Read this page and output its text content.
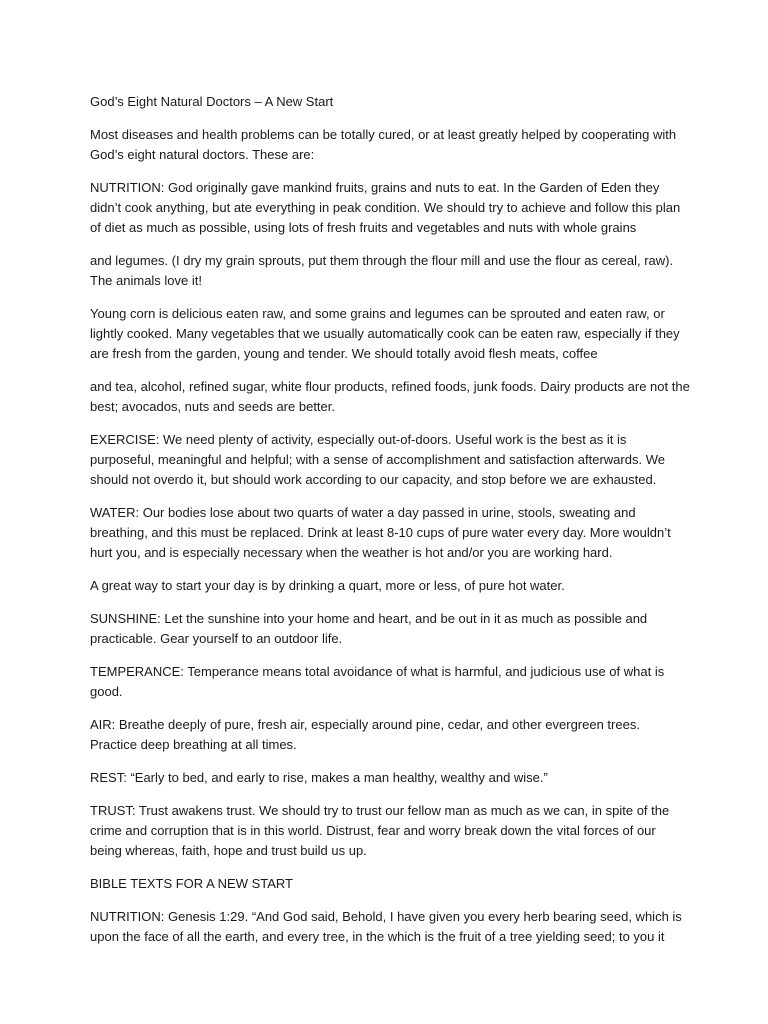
God’s Eight Natural Doctors – A New Start

Most diseases and health problems can be totally cured, or at least greatly helped by cooperating with God’s eight natural doctors. These are:

NUTRITION: God originally gave mankind fruits, grains and nuts to eat. In the Garden of Eden they didn’t cook anything, but ate everything in peak condition. We should try to achieve and follow this plan of diet as much as possible, using lots of fresh fruits and vegetables and nuts with whole grains

and legumes. (I dry my grain sprouts, put them through the flour mill and use the flour as cereal, raw). The animals love it!

Young corn is delicious eaten raw, and some grains and legumes can be sprouted and eaten raw, or lightly cooked. Many vegetables that we usually automatically cook can be eaten raw, especially if they are fresh from the garden, young and tender. We should totally avoid flesh meats, coffee

and tea, alcohol, refined sugar, white flour products, refined foods, junk foods. Dairy products are not the best; avocados, nuts and seeds are better.

EXERCISE: We need plenty of activity, especially out-of-doors. Useful work is the best as it is purposeful, meaningful and helpful; with a sense of accomplishment and satisfaction afterwards. We should not overdo it, but should work according to our capacity, and stop before we are exhausted.

WATER: Our bodies lose about two quarts of water a day passed in urine, stools, sweating and breathing, and this must be replaced. Drink at least 8-10 cups of pure water every day. More wouldn’t hurt you, and is especially necessary when the weather is hot and/or you are working hard.

A great way to start your day is by drinking a quart, more or less, of pure hot water.

SUNSHINE: Let the sunshine into your home and heart, and be out in it as much as possible and practicable. Gear yourself to an outdoor life.

TEMPERANCE: Temperance means total avoidance of what is harmful, and judicious use of what is good.

AIR: Breathe deeply of pure, fresh air, especially around pine, cedar, and other evergreen trees. Practice deep breathing at all times.

REST: “Early to bed, and early to rise, makes a man healthy, wealthy and wise.”

TRUST: Trust awakens trust. We should try to trust our fellow man as much as we can, in spite of the crime and corruption that is in this world. Distrust, fear and worry break down the vital forces of our being whereas, faith, hope and trust build us up.

BIBLE TEXTS FOR A NEW START

NUTRITION: Genesis 1:29. “And God said, Behold, I have given you every herb bearing seed, which is upon the face of all the earth, and every tree, in the which is the fruit of a tree yielding seed; to you it
